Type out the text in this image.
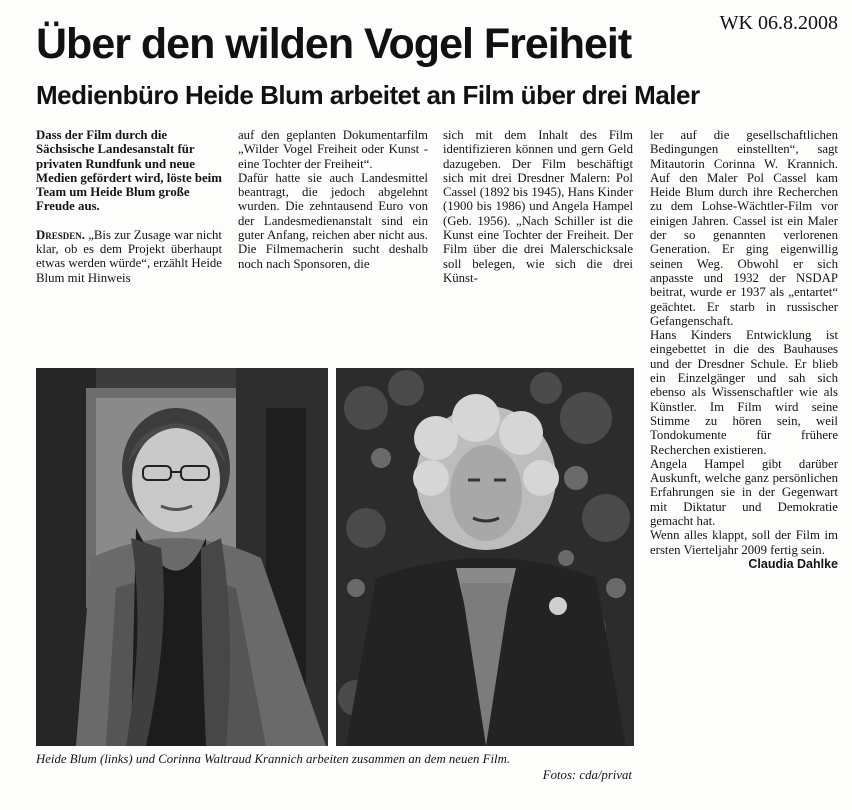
WK 06.8.2008
Über den wilden Vogel Freiheit
Medienbüro Heide Blum arbeitet an Film über drei Maler

Dass der Film durch die Sächsische Landesanstalt für privaten Rundfunk und neue Medien gefördert wird, löste beim Team um Heide Blum große Freude aus.

Dresden. „Bis zur Zusage war nicht klar, ob es dem Projekt überhaupt etwas werden würde“, erzählt Heide Blum mit Hinweis

auf den geplanten Dokumentarfilm „Wilder Vogel Freiheit oder Kunst - eine Tochter der Freiheit“.

Dafür hatte sie auch Landesmittel beantragt, die jedoch abgelehnt wurden. Die zehntausend Euro von der Landesmedienanstalt sind ein guter Anfang, reichen aber nicht aus. Die Filmemacherin sucht deshalb noch nach Sponsoren, die

sich mit dem Inhalt des Film identifizieren können und gern Geld dazugeben. Der Film beschäftigt sich mit drei Dresdner Malern: Pol Cassel (1892 bis 1945), Hans Kinder (1900 bis 1986) und Angela Hampel (Geb. 1956). „Nach Schiller ist die Kunst eine Tochter der Freiheit. Der Film über die drei Malerschicksale soll belegen, wie sich die drei Künst-

ler auf die gesellschaftlichen Bedingungen einstellten“, sagt Mitautorin Corinna W. Krannich. Auf den Maler Pol Cassel kam Heide Blum durch ihre Recherchen zu dem Lohse-Wächtler-Film vor einigen Jahren. Cassel ist ein Maler der so genannten verlorenen Generation. Er ging eigenwillig seinen Weg. Obwohl er sich anpasste und 1932 der NSDAP beitrat, wurde er 1937 als „entartet“ geächtet. Er starb in russischer Gefangenschaft.

Hans Kinders Entwicklung ist eingebettet in die des Bauhauses und der Dresdner Schule. Er blieb ein Einzelgänger und sah sich ebenso als Wissenschaftler wie als Künstler. Im Film wird seine Stimme zu hören sein, weil Tondokumente für frühere Recherchen existieren.

Angela Hampel gibt darüber Auskunft, welche ganz persönlichen Erfahrungen sie in der Gegenwart mit Diktatur und Demokratie gemacht hat.

Wenn alles klappt, soll der Film im ersten Vierteljahr 2009 fertig sein.

Claudia Dahlke

Heide Blum (links) und Corinna Waltraud Krannich arbeiten zusammen an dem neuen Film.

Fotos: cda/privat
